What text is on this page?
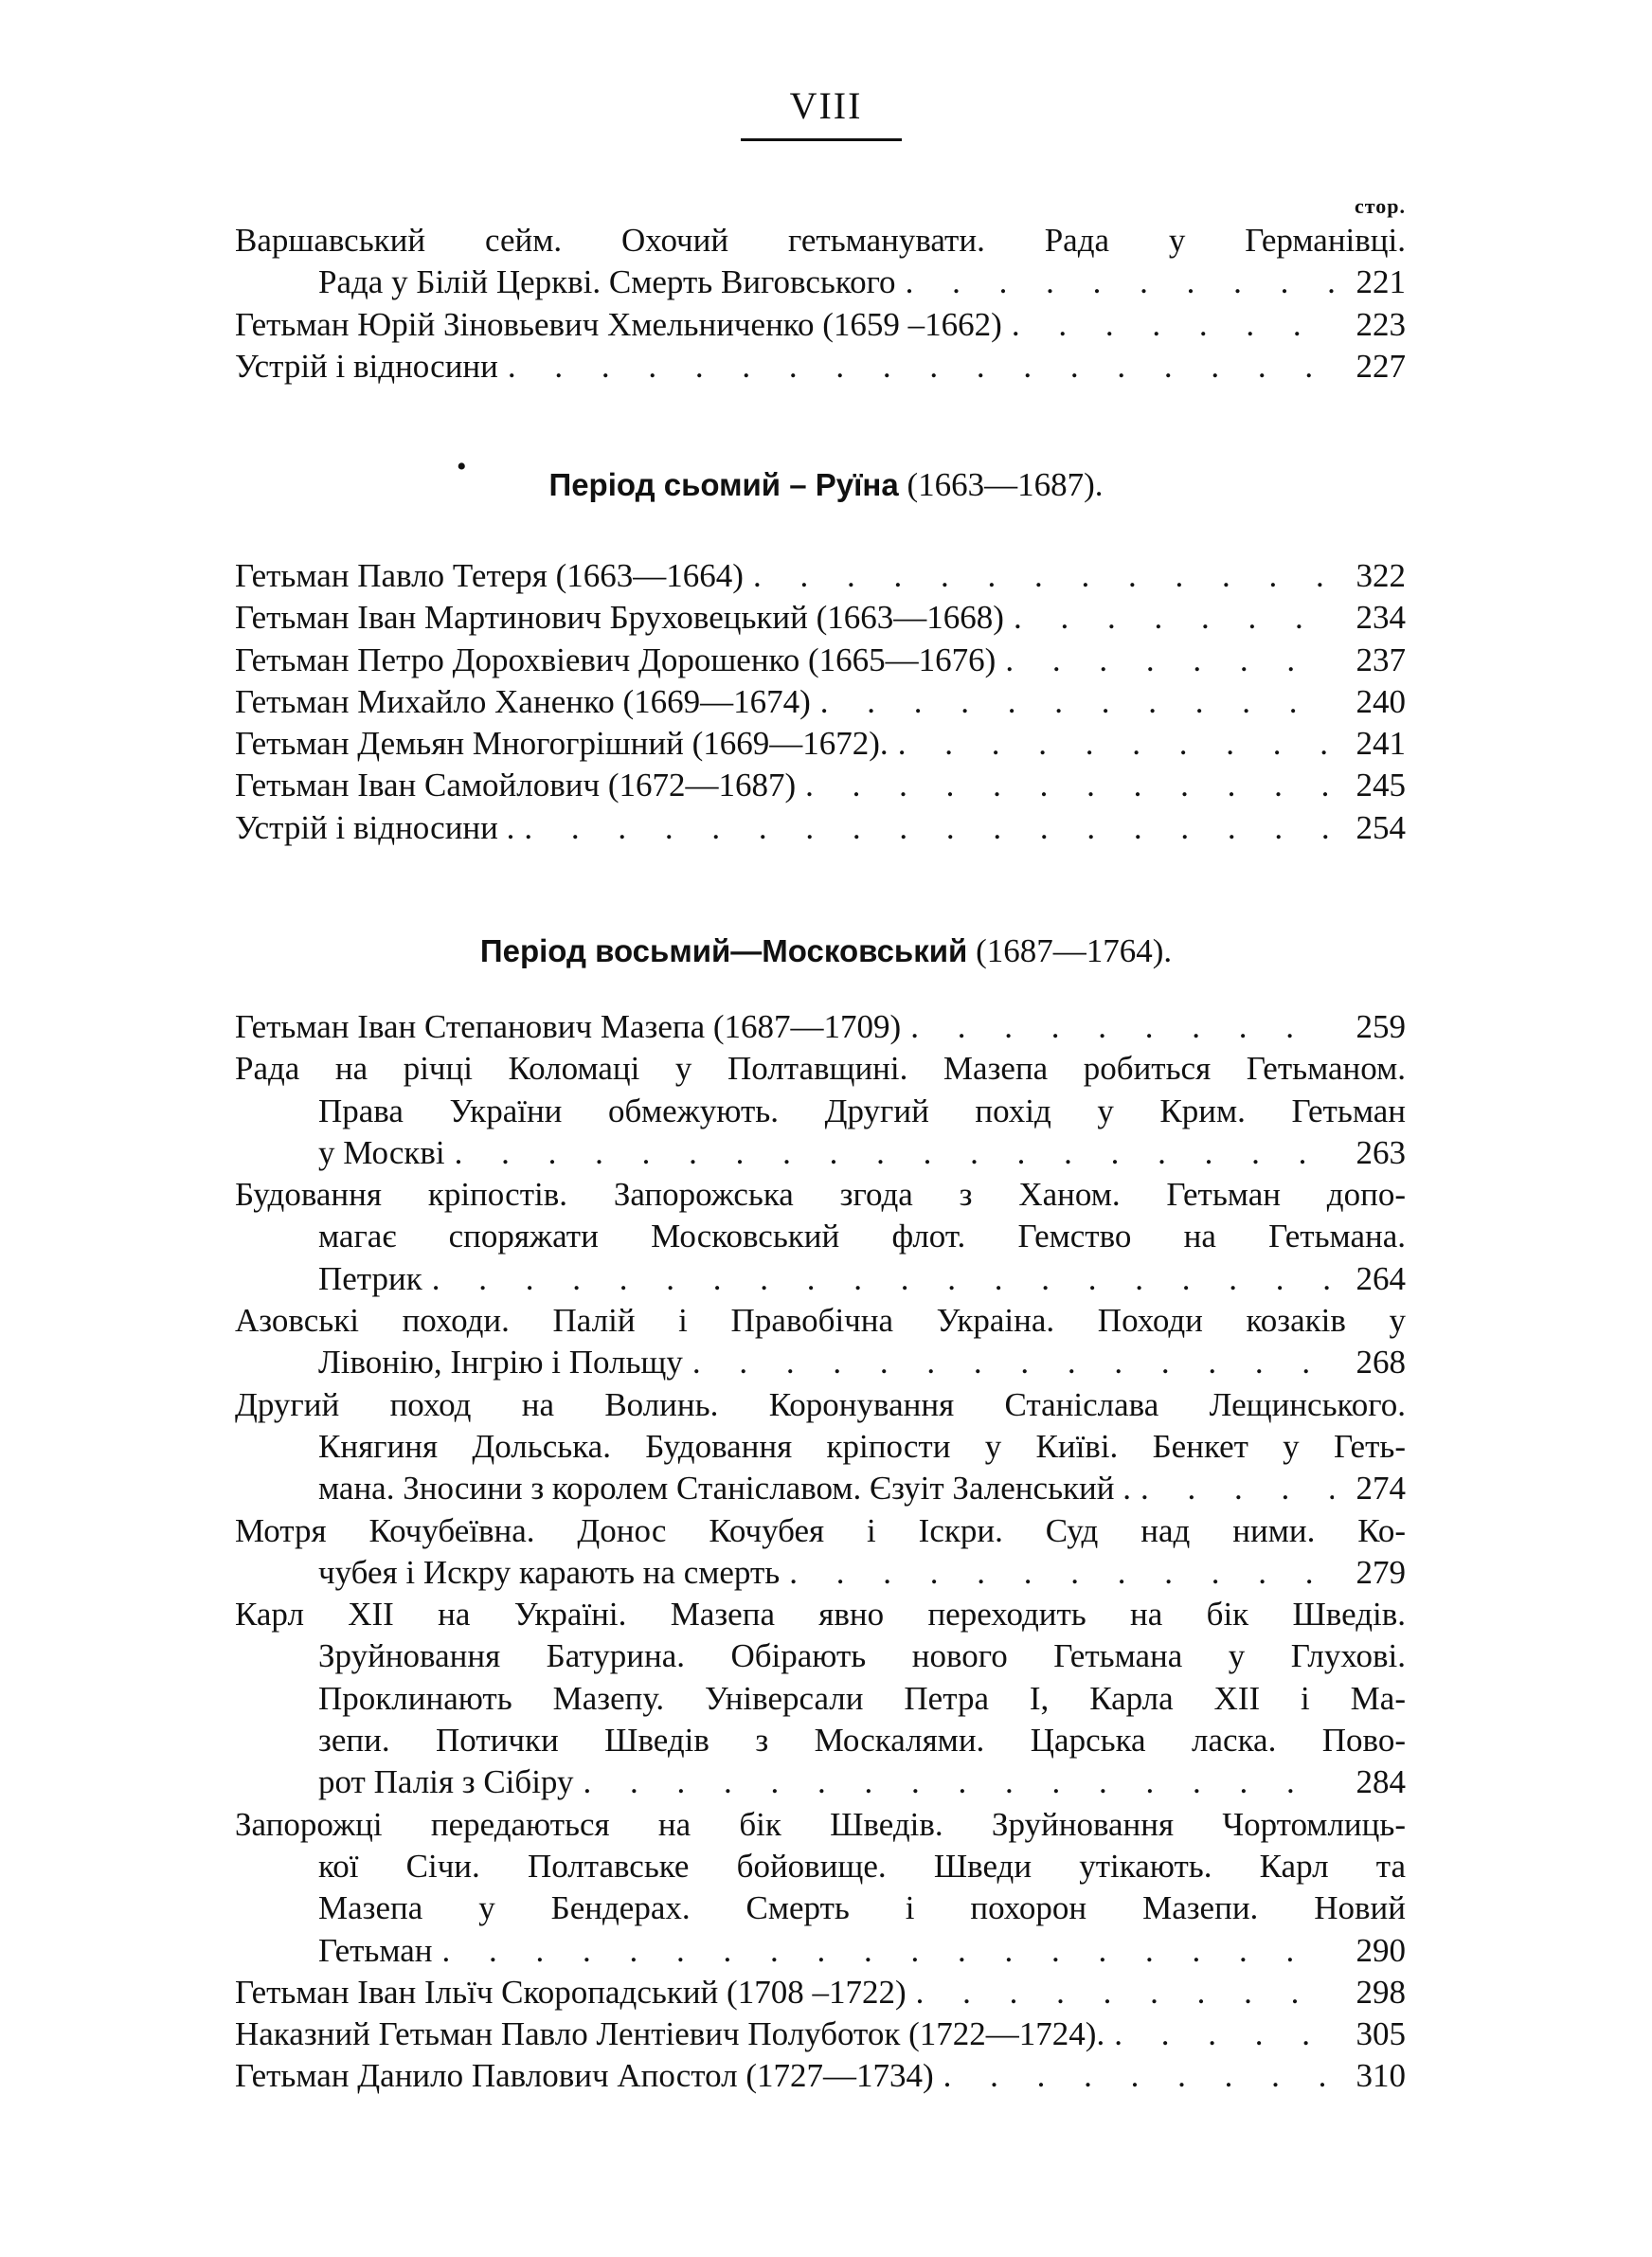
VIII
стор.
Варшавський сейм. Охочий гетьманувати. Рада у Германівці.
Рада у Білій Церкві. Смерть Виговського . . .	221
Гетьман Юрій Зіновьевич Хмельниченко (1659 –1662) . . .	223
Устрій і відносини . . .	227
•
Період сьомий – Руїна (1663—1687).
Гетьман Павло Тетеря (1663—1664) . . .	322
Гетьман Іван Мартинович Бруховецький (1663—1668) . . .	234
Гетьман Петро Дорохвіевич Дорошенко (1665—1676) . . .	237
Гетьман Михайло Ханенко (1669—1674) . . .	240
Гетьман Демьян Многогрішний (1669—1672). . . .	241
Гетьман Іван Самойлович (1672—1687) . . .	245
Устрій і відносини . . . .	254
Період восьмий—Московський (1687—1764).
Гетьман Іван Степанович Мазепа (1687—1709) . . .	259
Рада на річці Коломаці у Полтавщині. Мазепа робиться Гетьманом.
Права України обмежують. Другий похід у Крим. Гетьман
у Москві . . .	263
Будовання кріпостів. Запорожська згода з Ханом. Гетьман допо-
магає споряжати Московський флот. Гемство на Гетьмана.
Петрик . . .	264
Азовські походи. Палій і Правобічна Украіна. Походи козаків у
Лівонію, Інгрію і Польщу . . .	268
Другий поход на Волинь. Коронування Станіслава Лещинського.
Княгиня Дольська. Будовання кріпости у Київі. Бенкет у Геть-
мана. Зносини з королем Станіславом. Єзуіт Заленський . . . .	274
Мотря Кочубеївна. Донос Кочубея і Іскри. Суд над ними. Ко-
чубея і Искру карають на смерть . . .	279
Карл XII на Україні. Мазепа явно переходить на бік Шведів.
Зруйновання Батурина. Обірають нового Гетьмана у Глухові.
Проклинають Мазепу. Універсали Петра І, Карла XII і Ма-
зепи. Потички Шведів з Москалями. Царська ласка. Пово-
рот Палія з Сібіру . . .	284
Запорожці передаються на бік Шведів. Зруйновання Чортомлиць-
кої Січи. Полтавське бойовище. Шведи утікають. Карл та
Мазепа у Бендерах. Смерть і похорон Мазепи. Новий
Гетьман . . .	290
Гетьман Іван Ільїч Скоропадський (1708 –1722) . . .	298
Наказний Гетьман Павло Лентіевич Полуботок (1722—1724). . . .	305
Гетьман Данило Павлович Апостол (1727—1734) . . .	310
